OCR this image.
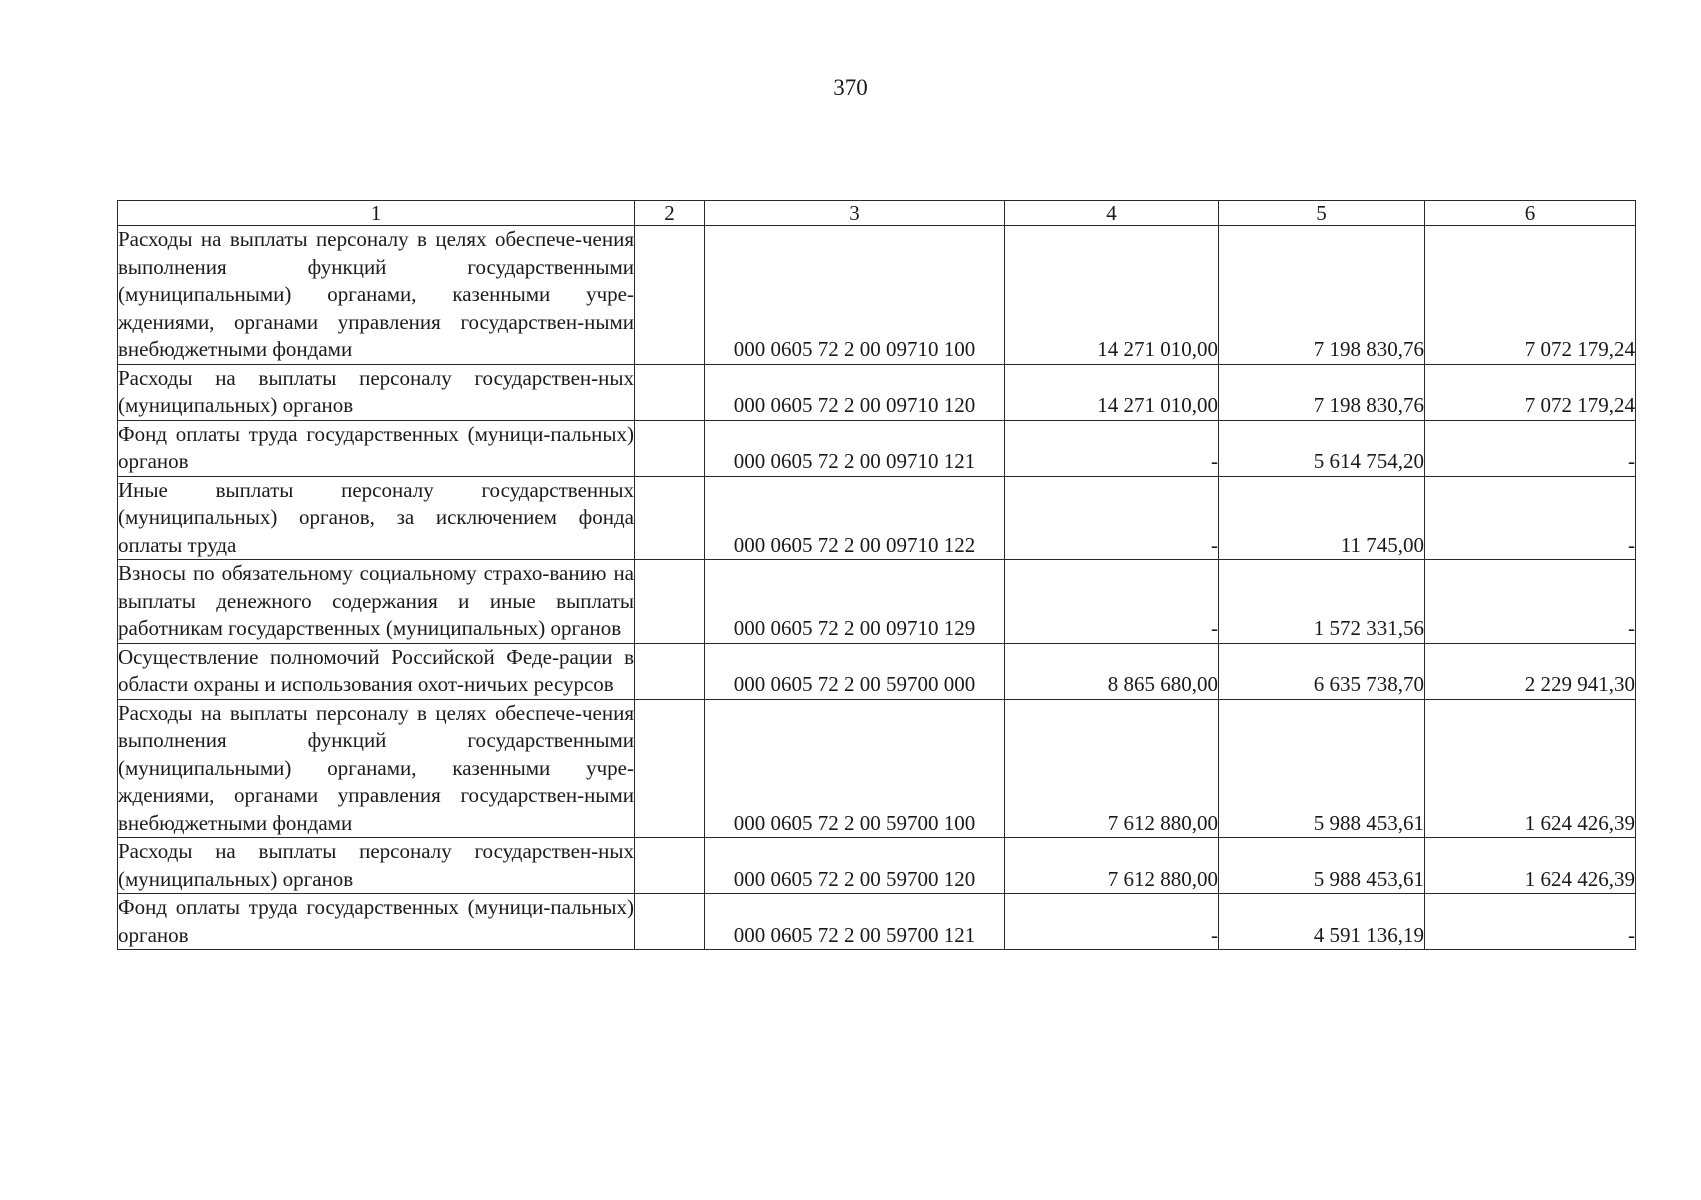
370
1	2	3	4	5	6
Расходы на выплаты персоналу в целях обеспече-чения выполнения функций государственными (муниципальными) органами, казенными учре-ждениями, органами управления государствен-ными внебюджетными фондами		000 0605 72 2 00 09710 100	14 271 010,00	7 198 830,76	7 072 179,24
Расходы на выплаты персоналу государствен-ных (муниципальных) органов		000 0605 72 2 00 09710 120	14 271 010,00	7 198 830,76	7 072 179,24
Фонд оплаты труда государственных (муници-пальных) органов		000 0605 72 2 00 09710 121	-	5 614 754,20	-
Иные выплаты персоналу государственных (муниципальных) органов, за исключением фонда оплаты труда		000 0605 72 2 00 09710 122	-	11 745,00	-
Взносы по обязательному социальному страхо-ванию на выплаты денежного содержания и иные выплаты работникам государственных (муниципальных) органов		000 0605 72 2 00 09710 129	-	1 572 331,56	-
Осуществление полномочий Российской Феде-рации в области охраны и использования охот-ничьих ресурсов		000 0605 72 2 00 59700 000	8 865 680,00	6 635 738,70	2 229 941,30
Расходы на выплаты персоналу в целях обеспече-чения выполнения функций государственными (муниципальными) органами, казенными учре-ждениями, органами управления государствен-ными внебюджетными фондами		000 0605 72 2 00 59700 100	7 612 880,00	5 988 453,61	1 624 426,39
Расходы на выплаты персоналу государствен-ных (муниципальных) органов		000 0605 72 2 00 59700 120	7 612 880,00	5 988 453,61	1 624 426,39
Фонд оплаты труда государственных (муници-пальных) органов		000 0605 72 2 00 59700 121	-	4 591 136,19	-
